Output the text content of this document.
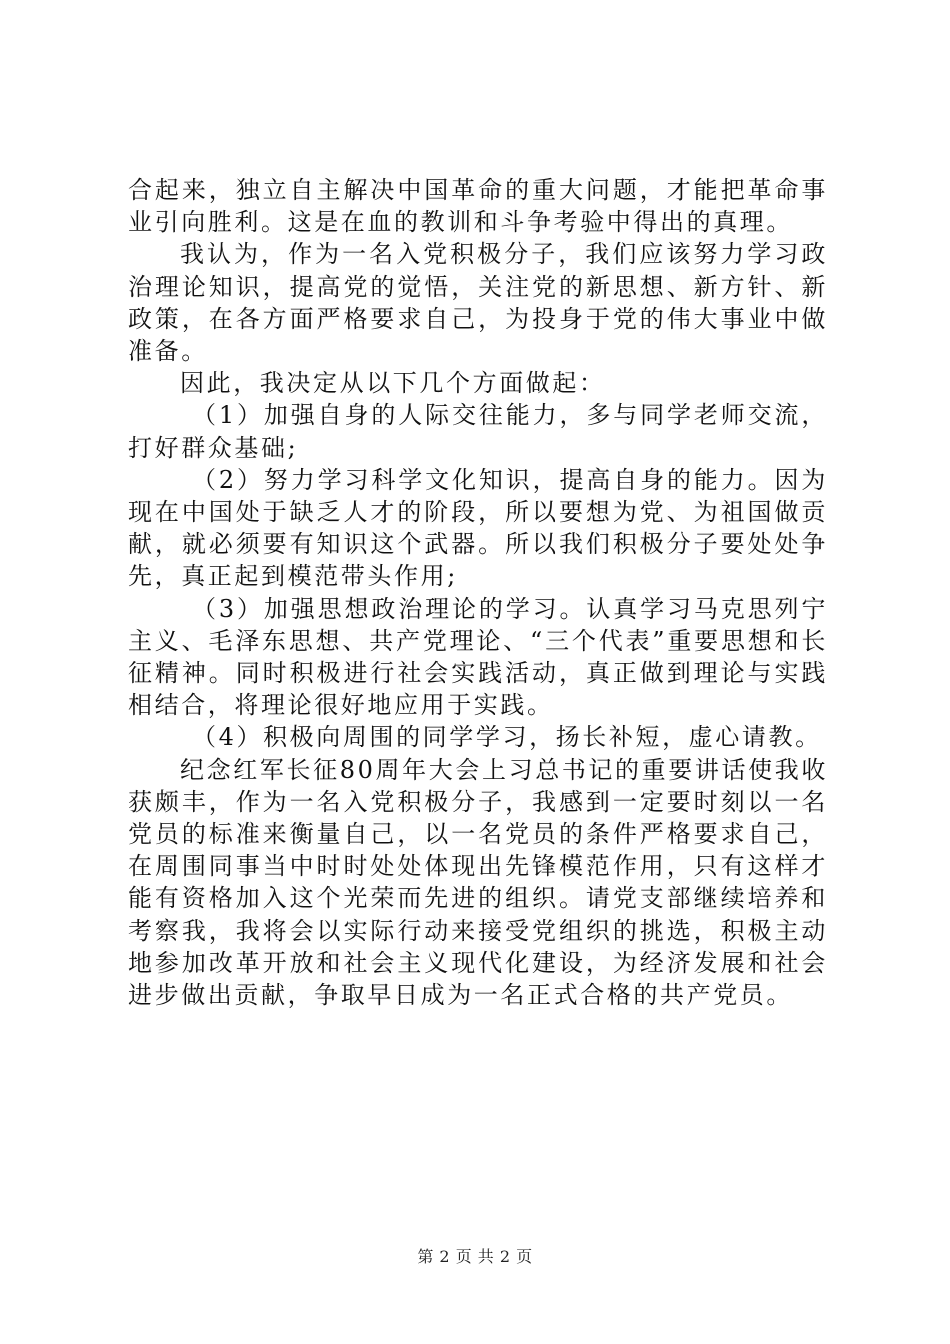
合起来，独立自主解决中国革命的重大问题，才能把革命事业引向胜利。这是在血的教训和斗争考验中得出的真理。

我认为，作为一名入党积极分子，我们应该努力学习政治理论知识，提高党的觉悟，关注党的新思想、新方针、新政策，在各方面严格要求自己，为投身于党的伟大事业中做准备。

因此，我决定从以下几个方面做起：

（1）加强自身的人际交往能力，多与同学老师交流，打好群众基础;

（2）努力学习科学文化知识，提高自身的能力。因为现在中国处于缺乏人才的阶段，所以要想为党、为祖国做贡献，就必须要有知识这个武器。所以我们积极分子要处处争先，真正起到模范带头作用;

（3）加强思想政治理论的学习。认真学习马克思列宁主义、毛泽东思想、共产党理论、“三个代表”重要思想和长征精神。同时积极进行社会实践活动，真正做到理论与实践相结合，将理论很好地应用于实践。

（4）积极向周围的同学学习，扬长补短，虚心请教。

纪念红军长征80周年大会上习总书记的重要讲话使我收获颇丰，作为一名入党积极分子，我感到一定要时刻以一名党员的标准来衡量自己，以一名党员的条件严格要求自己，在周围同事当中时时处处体现出先锋模范作用，只有这样才能有资格加入这个光荣而先进的组织。请党支部继续培养和考察我，我将会以实际行动来接受党组织的挑选，积极主动地参加改革开放和社会主义现代化建设，为经济发展和社会进步做出贡献，争取早日成为一名正式合格的共产党员。

第 2 页 共 2 页
